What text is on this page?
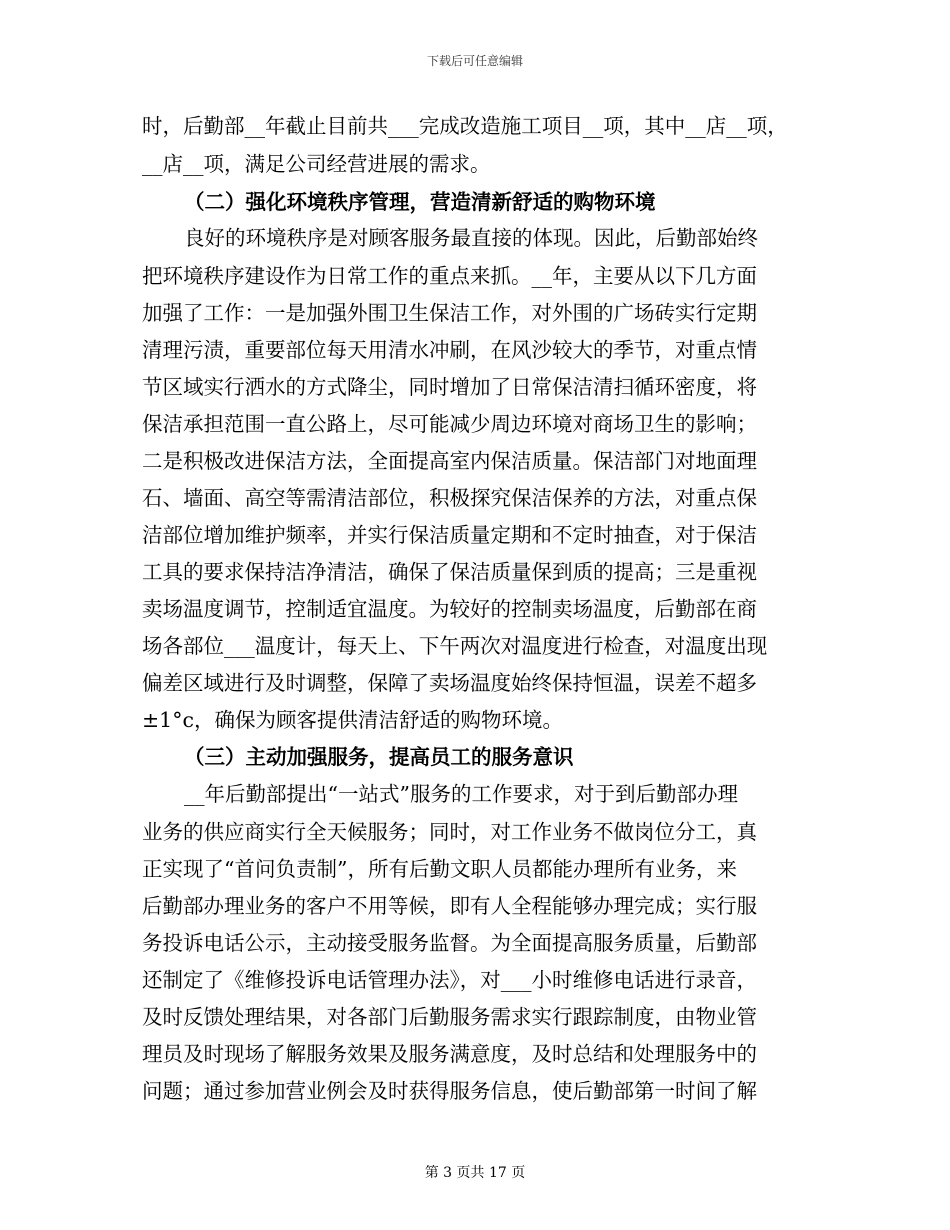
下载后可任意编辑
时，后勤部__年截止目前共___完成改造施工项目__项，其中__店__项，
__店__项，满足公司经营进展的需求。
（二）强化环境秩序管理，营造清新舒适的购物环境
良好的环境秩序是对顾客服务最直接的体现。因此，后勤部始终
把环境秩序建设作为日常工作的重点来抓。__年，主要从以下几方面
加强了工作：一是加强外围卫生保洁工作，对外围的广场砖实行定期
清理污渍，重要部位每天用清水冲刷，在风沙较大的季节，对重点情
节区域实行洒水的方式降尘，同时增加了日常保洁清扫循环密度，将
保洁承担范围一直公路上，尽可能减少周边环境对商场卫生的影响；
二是积极改进保洁方法，全面提高室内保洁质量。保洁部门对地面理
石、墙面、高空等需清洁部位，积极探究保洁保养的方法，对重点保
洁部位增加维护频率，并实行保洁质量定期和不定时抽查，对于保洁
工具的要求保持洁净清洁，确保了保洁质量保到质的提高；三是重视
卖场温度调节，控制适宜温度。为较好的控制卖场温度，后勤部在商
场各部位___温度计，每天上、下午两次对温度进行检查，对温度出现
偏差区域进行及时调整，保障了卖场温度始终保持恒温，误差不超多
±1°c，确保为顾客提供清洁舒适的购物环境。
（三）主动加强服务，提高员工的服务意识
__年后勤部提出“一站式”服务的工作要求，对于到后勤部办理
业务的供应商实行全天候服务；同时，对工作业务不做岗位分工，真
正实现了“首问负责制”，所有后勤文职人员都能办理所有业务，来
后勤部办理业务的客户不用等候，即有人全程能够办理完成；实行服
务投诉电话公示，主动接受服务监督。为全面提高服务质量，后勤部
还制定了《维修投诉电话管理办法》，对___小时维修电话进行录音，
及时反馈处理结果，对各部门后勤服务需求实行跟踪制度，由物业管
理员及时现场了解服务效果及服务满意度，及时总结和处理服务中的
问题；通过参加营业例会及时获得服务信息，使后勤部第一时间了解
第 3 页共 17 页
